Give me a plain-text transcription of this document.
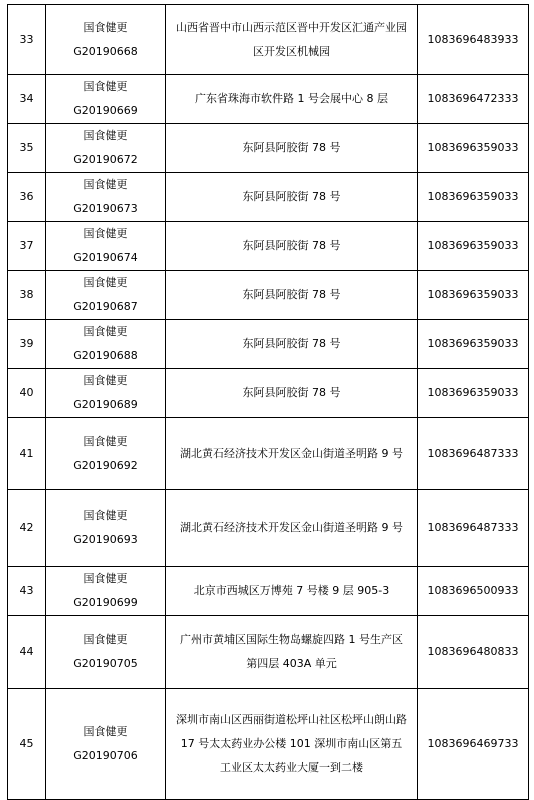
33	国食健更 G20190668	山西省晋中市山西示范区晋中开发区汇通产业园区开发区机械园	1083696483933
34	国食健更 G20190669	广东省珠海市软件路 1 号会展中心 8 层	1083696472333
35	国食健更 G20190672	东阿县阿胶街 78 号	1083696359033
36	国食健更 G20190673	东阿县阿胶街 78 号	1083696359033
37	国食健更 G20190674	东阿县阿胶街 78 号	1083696359033
38	国食健更 G20190687	东阿县阿胶街 78 号	1083696359033
39	国食健更 G20190688	东阿县阿胶街 78 号	1083696359033
40	国食健更 G20190689	东阿县阿胶街 78 号	1083696359033
41	国食健更 G20190692	湖北黄石经济技术开发区金山街道圣明路 9 号	1083696487333
42	国食健更 G20190693	湖北黄石经济技术开发区金山街道圣明路 9 号	1083696487333
43	国食健更 G20190699	北京市西城区万博苑 7 号楼 9 层 905-3	1083696500933
44	国食健更 G20190705	广州市黄埔区国际生物岛螺旋四路 1 号生产区第四层 403A 单元	1083696480833
45	国食健更 G20190706	深圳市南山区西丽街道松坪山社区松坪山朗山路 17 号太太药业办公楼 101 深圳市南山区第五工业区太太药业大厦一到二楼	1083696469733
